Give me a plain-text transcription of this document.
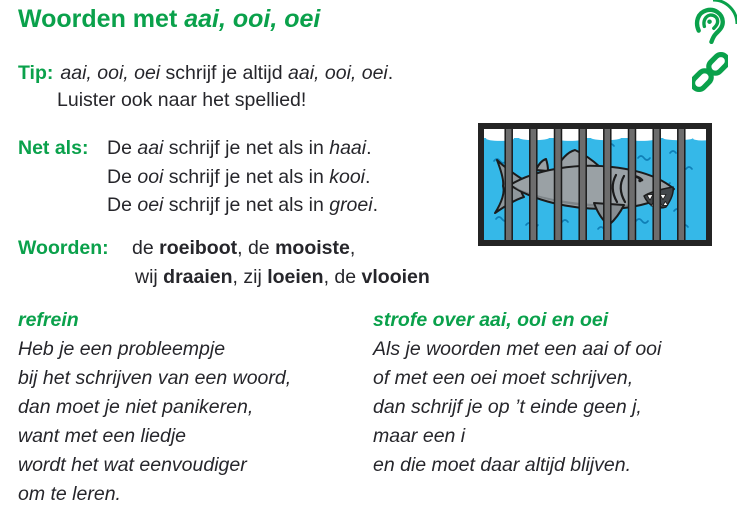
Woorden met aai, ooi, oei
Tip: aai, ooi, oei schrijf je altijd aai, ooi, oei.
Luister ook naar het spellied!
Net als: De aai schrijf je net als in haai.
De ooi schrijf je net als in kooi.
De oei schrijf je net als in groei.
Woorden: de roeiboot, de mooiste,
wij draaien, zij loeien, de vlooien
refrein
Heb je een probleempje
bij het schrijven van een woord,
dan moet je niet panikeren,
want met een liedje
wordt het wat eenvoudiger
om te leren.
strofe over aai, ooi en oei
Als je woorden met een aai of ooi
of met een oei moet schrijven,
dan schrijf je op ’t einde geen j,
maar een i
en die moet daar altijd blijven.
